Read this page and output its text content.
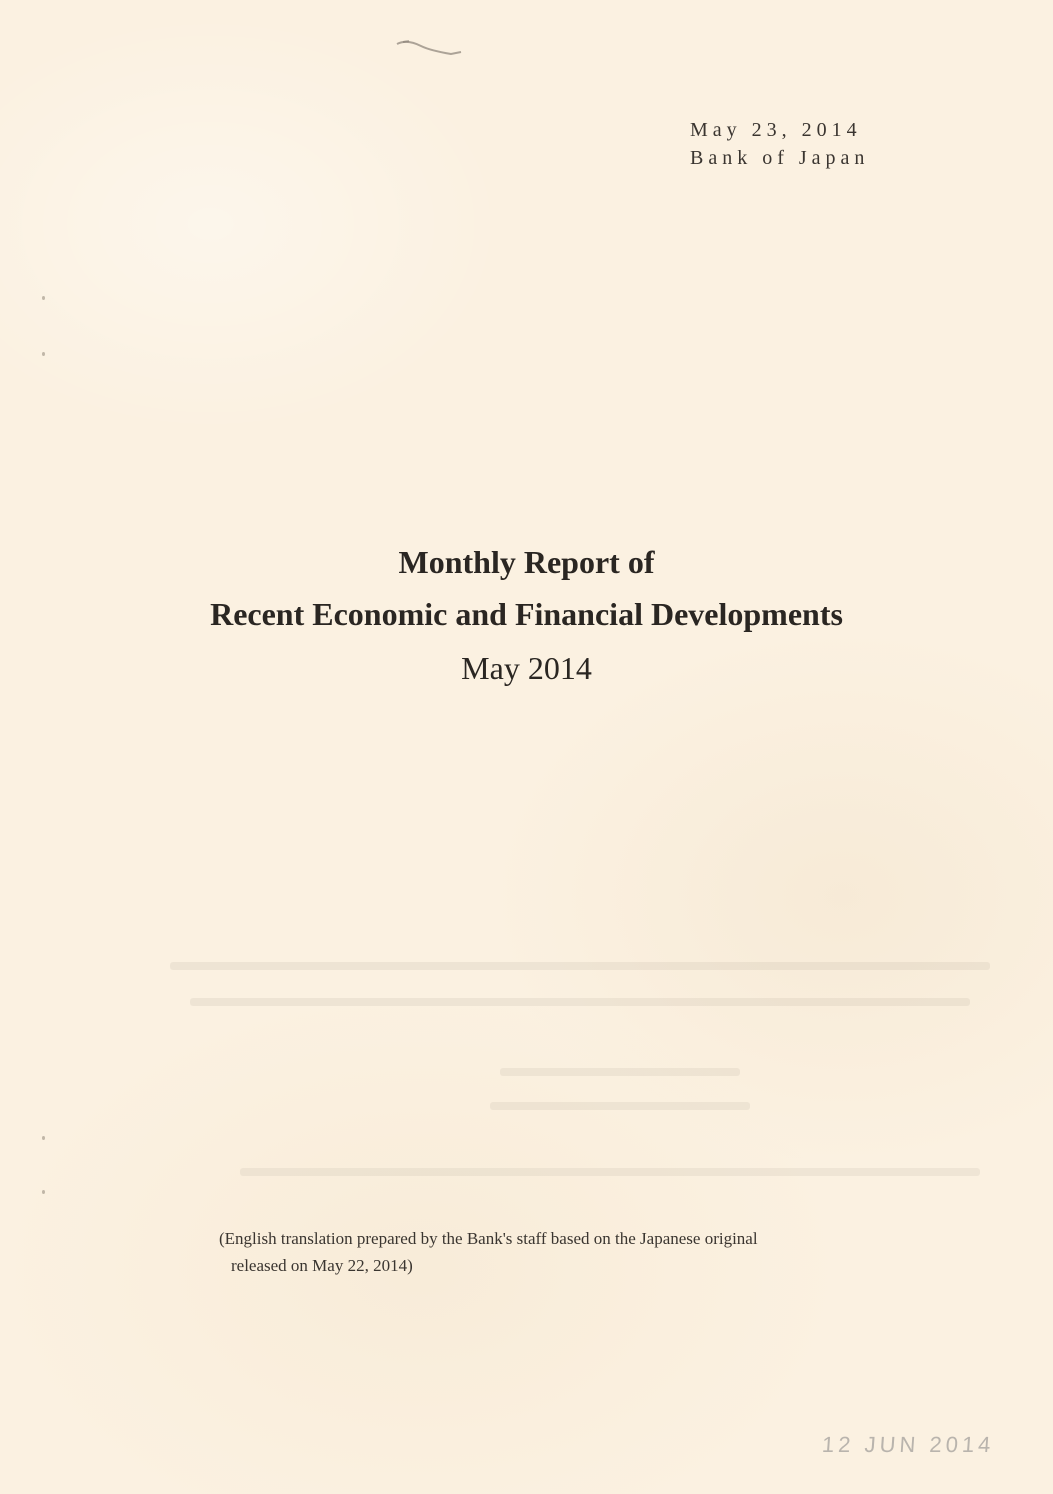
May 23, 2014
Bank of Japan
Monthly Report of
Recent Economic and Financial Developments
May 2014
(English translation prepared by the Bank's staff based on the Japanese original
released on May 22, 2014)
12 JUN 2014
